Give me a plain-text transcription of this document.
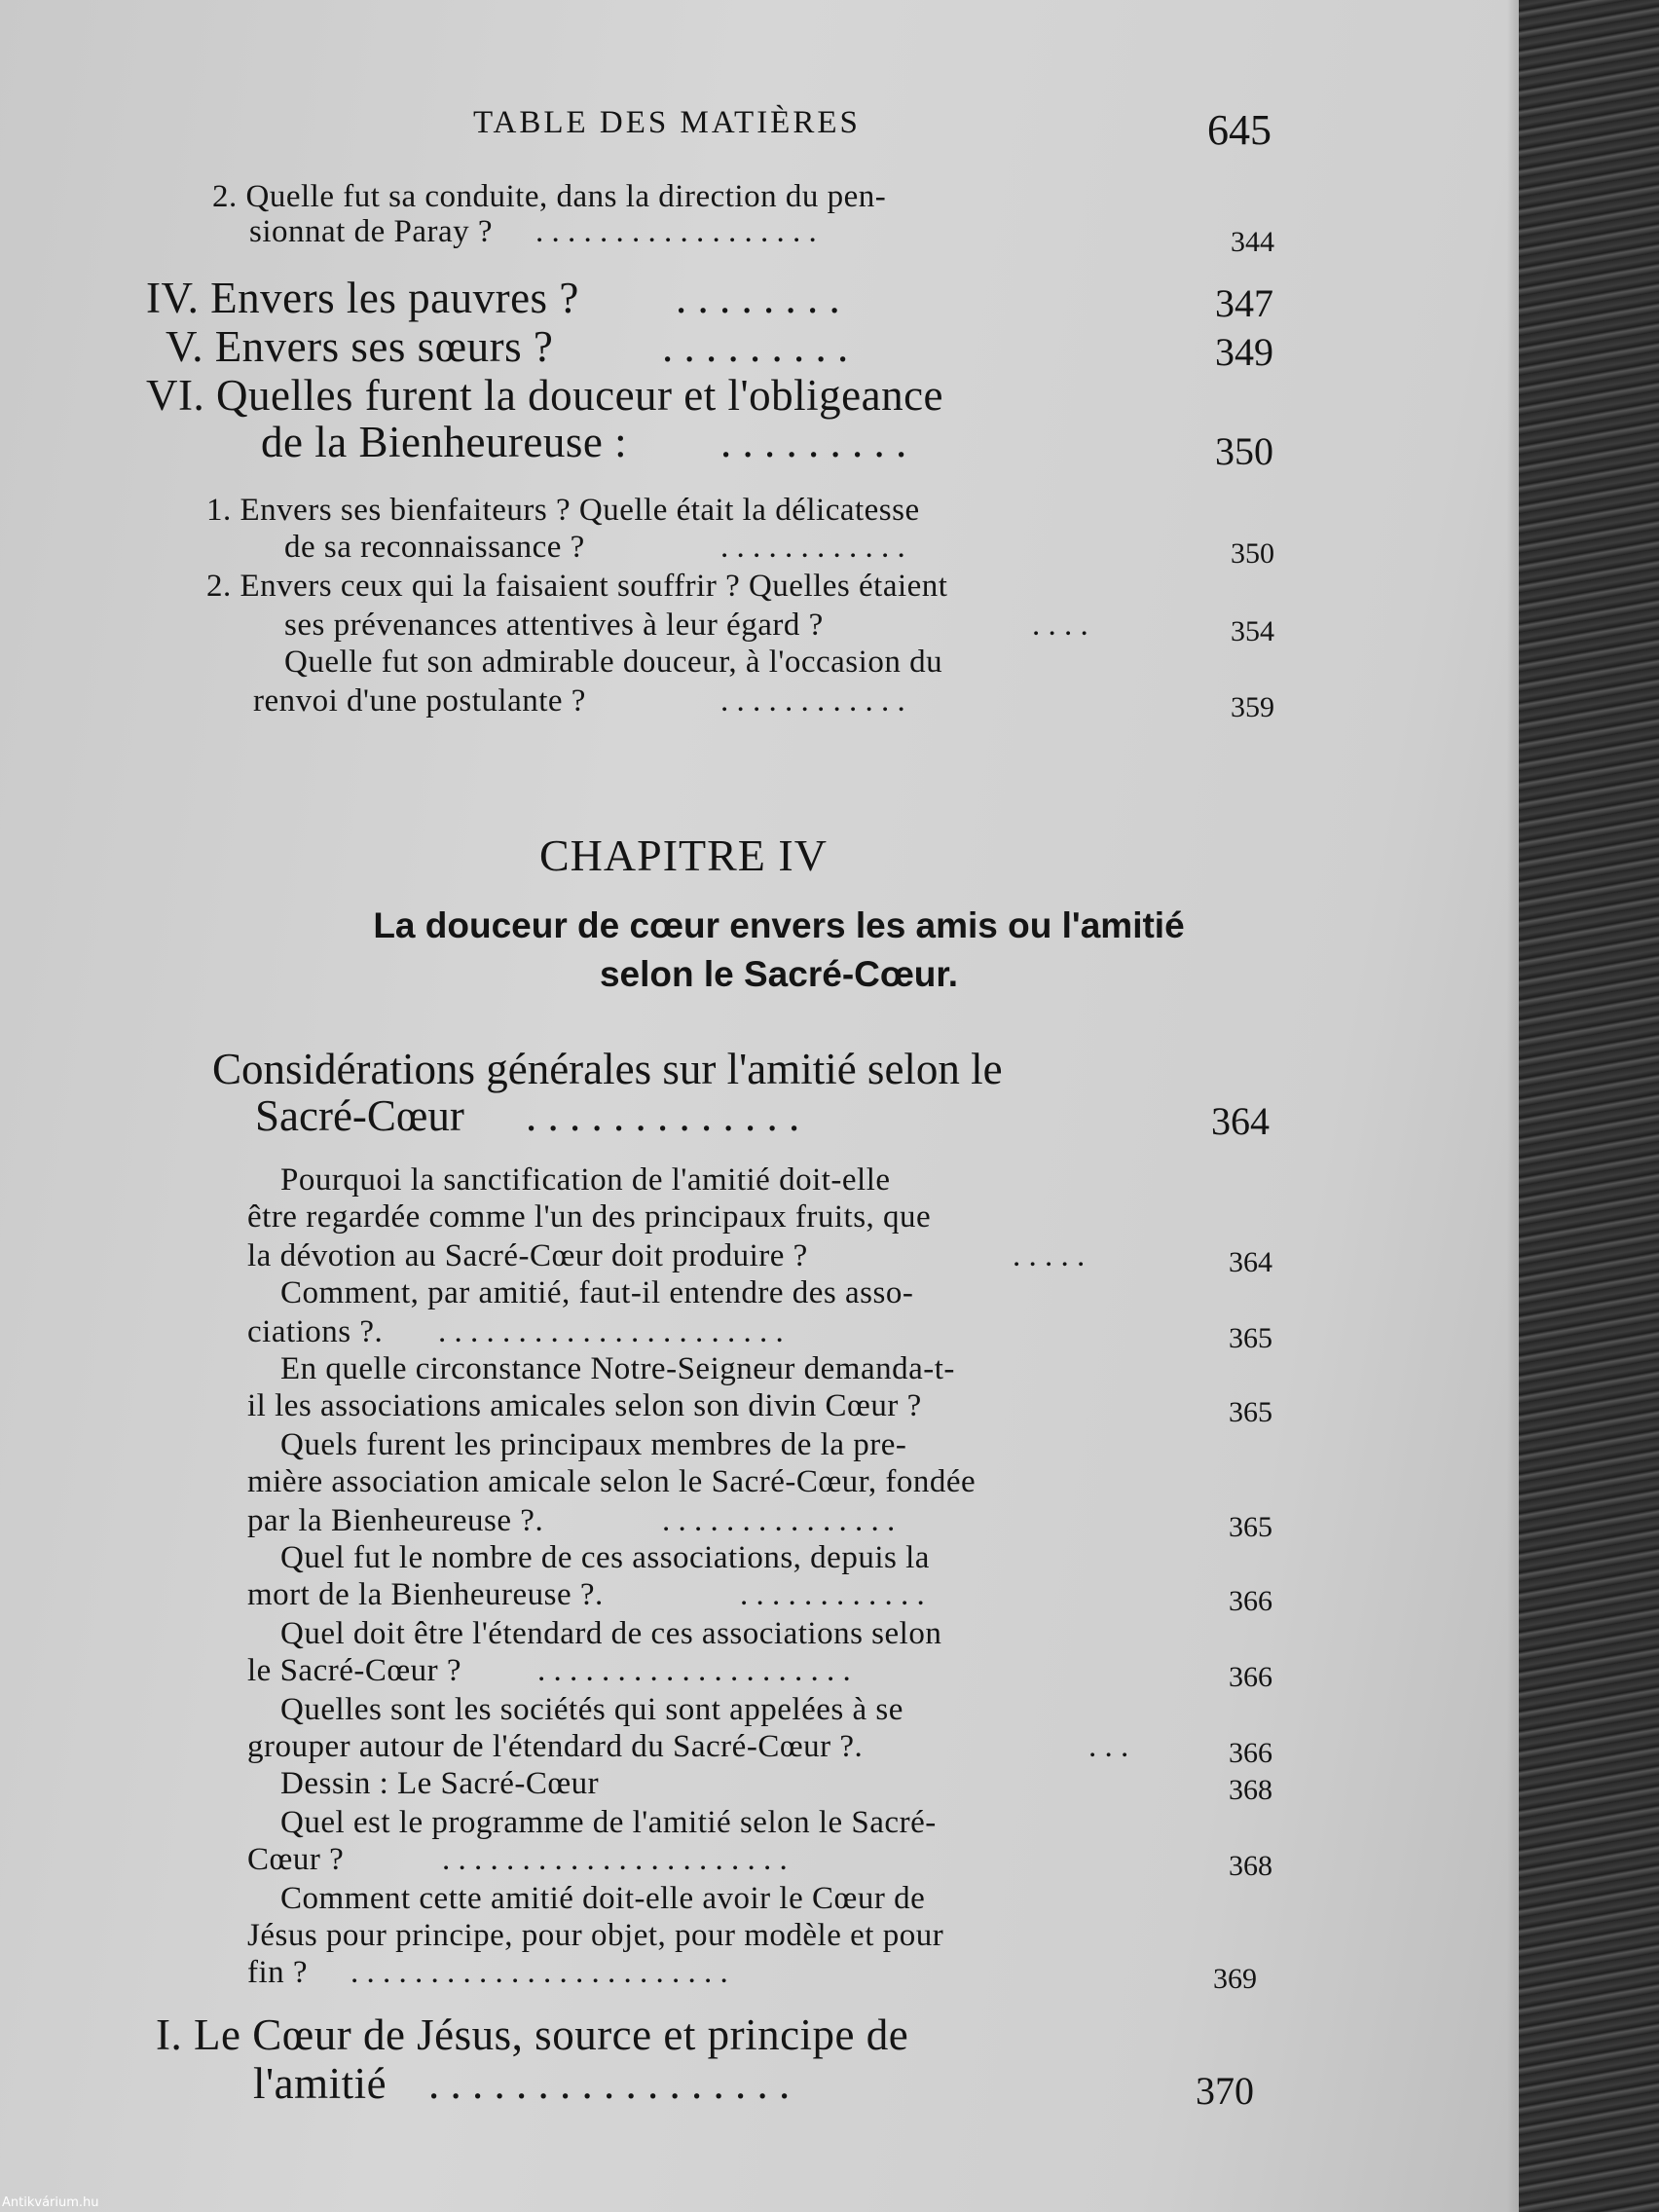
TABLE DES MATIÈRES	645
2. Quelle fut sa conduite, dans la direction du pen-
sionnat de Paray ? . . . . . . . . . . . . . . . . . .	344
IV. Envers les pauvres ? . . . . . . . .	347
V. Envers ses sœurs ? . . . . . . . . .	349
VI. Quelles furent la douceur et l'obligeance
de la Bienheureuse : . . . . . . . . .	350
1. Envers ses bienfaiteurs ? Quelle était la délicatesse
de sa reconnaissance ?	. . . . . . . . . . . .	350
2. Envers ceux qui la faisaient souffrir ? Quelles étaient
ses prévenances attentives à leur égard ?	. . . .	354
Quelle fut son admirable douceur, à l'occasion du
renvoi d'une postulante ?	. . . . . . . . . . . .	359
CHAPITRE IV
La douceur de cœur envers les amis ou l'amitié
selon le Sacré-Cœur.
Considérations générales sur l'amitié selon le
Sacré-Cœur . . . . . . . . . . . . .	364
Pourquoi la sanctification de l'amitié doit-elle
être regardée comme l'un des principaux fruits, que
la dévotion au Sacré-Cœur doit produire ?	. . . . .	364
Comment, par amitié, faut-il entendre des asso-
ciations ?. . . . . . . . . . . . . . . . . . . . . . .	365
En quelle circonstance Notre-Seigneur demanda-t-
il les associations amicales selon son divin Cœur ?	365
Quels furent les principaux membres de la pre-
mière association amicale selon le Sacré-Cœur, fondée
par la Bienheureuse ?.	. . . . . . . . . . . . . . .	365
Quel fut le nombre de ces associations, depuis la
mort de la Bienheureuse ?.	. . . . . . . . . . . .	366
Quel doit être l'étendard de ces associations selon
le Sacré-Cœur ? . . . . . . . . . . . . . . . . . . . .	366
Quelles sont les sociétés qui sont appelées à se
grouper autour de l'étendard du Sacré-Cœur ?.	. . .	366
Dessin : Le Sacré-Cœur	368
Quel est le programme de l'amitié selon le Sacré-
Cœur ?	. . . . . . . . . . . . . . . . . . . . . .	368
Comment cette amitié doit-elle avoir le Cœur de
Jésus pour principe, pour objet, pour modèle et pour
fin ? . . . . . . . . . . . . . . . . . . . . . . . .	369
I. Le Cœur de Jésus, source et principe de
l'amitié . . . . . . . . . . . . . . . . .	370
Antikvárium.hu
